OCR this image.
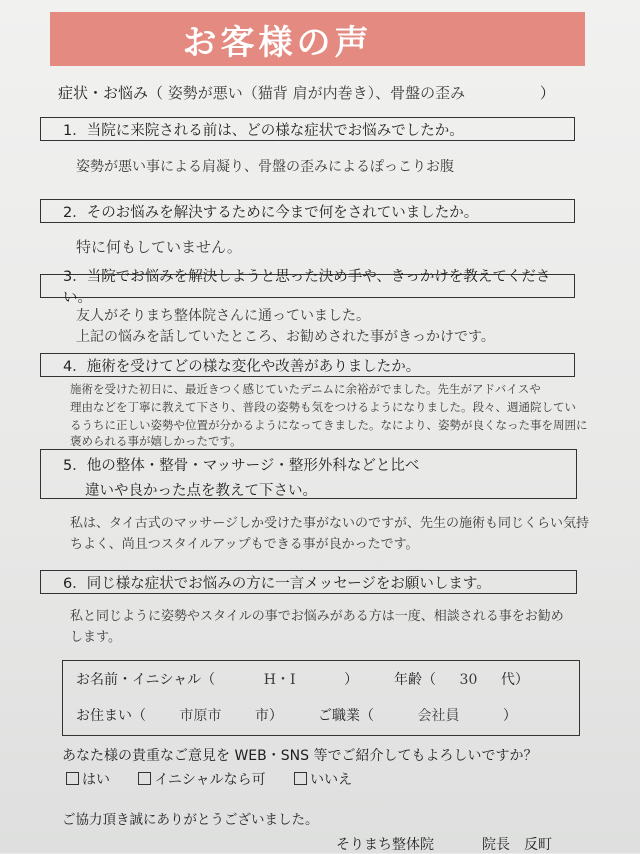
お客様の声
症状・お悩み（ 姿勢が悪い（猫背 肩が内巻き）、骨盤の歪み	）
1．当院に来院される前は、どの様な症状でお悩みでしたか。
姿勢が悪い事による肩凝り、骨盤の歪みによるぽっこりお腹
2．そのお悩みを解決するために今まで何をされていましたか。
特に何もしていません。
3．当院でお悩みを解決しようと思った決め手や、きっかけを教えてください。
友人がそりまち整体院さんに通っていました。
上記の悩みを話していたところ、お勧めされた事がきっかけです。
4．施術を受けてどの様な変化や改善がありましたか。
施術を受けた初日に、最近きつく感じていたデニムに余裕がでました。先生がアドバイスや
理由などを丁寧に教えて下さり、普段の姿勢も気をつけるようになりました。段々、週通院してい
るうちに正しい姿勢や位置が分かるようになってきました。なにより、姿勢が良くなった事を周囲に
褒められる事が嬉しかったです。
5．他の整体・整骨・マッサージ・整形外科などと比べ
違いや良かった点を教えて下さい。
私は、タイ古式のマッサージしか受けた事がないのですが、先生の施術も同じくらい気持
ちよく、尚且つスタイルアップもできる事が良かったです。
6．同じ様な症状でお悩みの方に一言メッセージをお願いします。
私と同じように姿勢やスタイルの事でお悩みがある方は一度、相談される事をお勧め
します。
お名前・イニシャル（	H・I	）	年齢（ 30 代）
お住まい（ 市原市 市）	ご職業（	会社員	）
あなた様の貴重なご意見を WEB・SNS 等でご紹介してもよろしいですか？
はい	イニシャルなら可	いいえ
ご協力頂き誠にありがとうございました。
そりまち整体院	院長　反町
